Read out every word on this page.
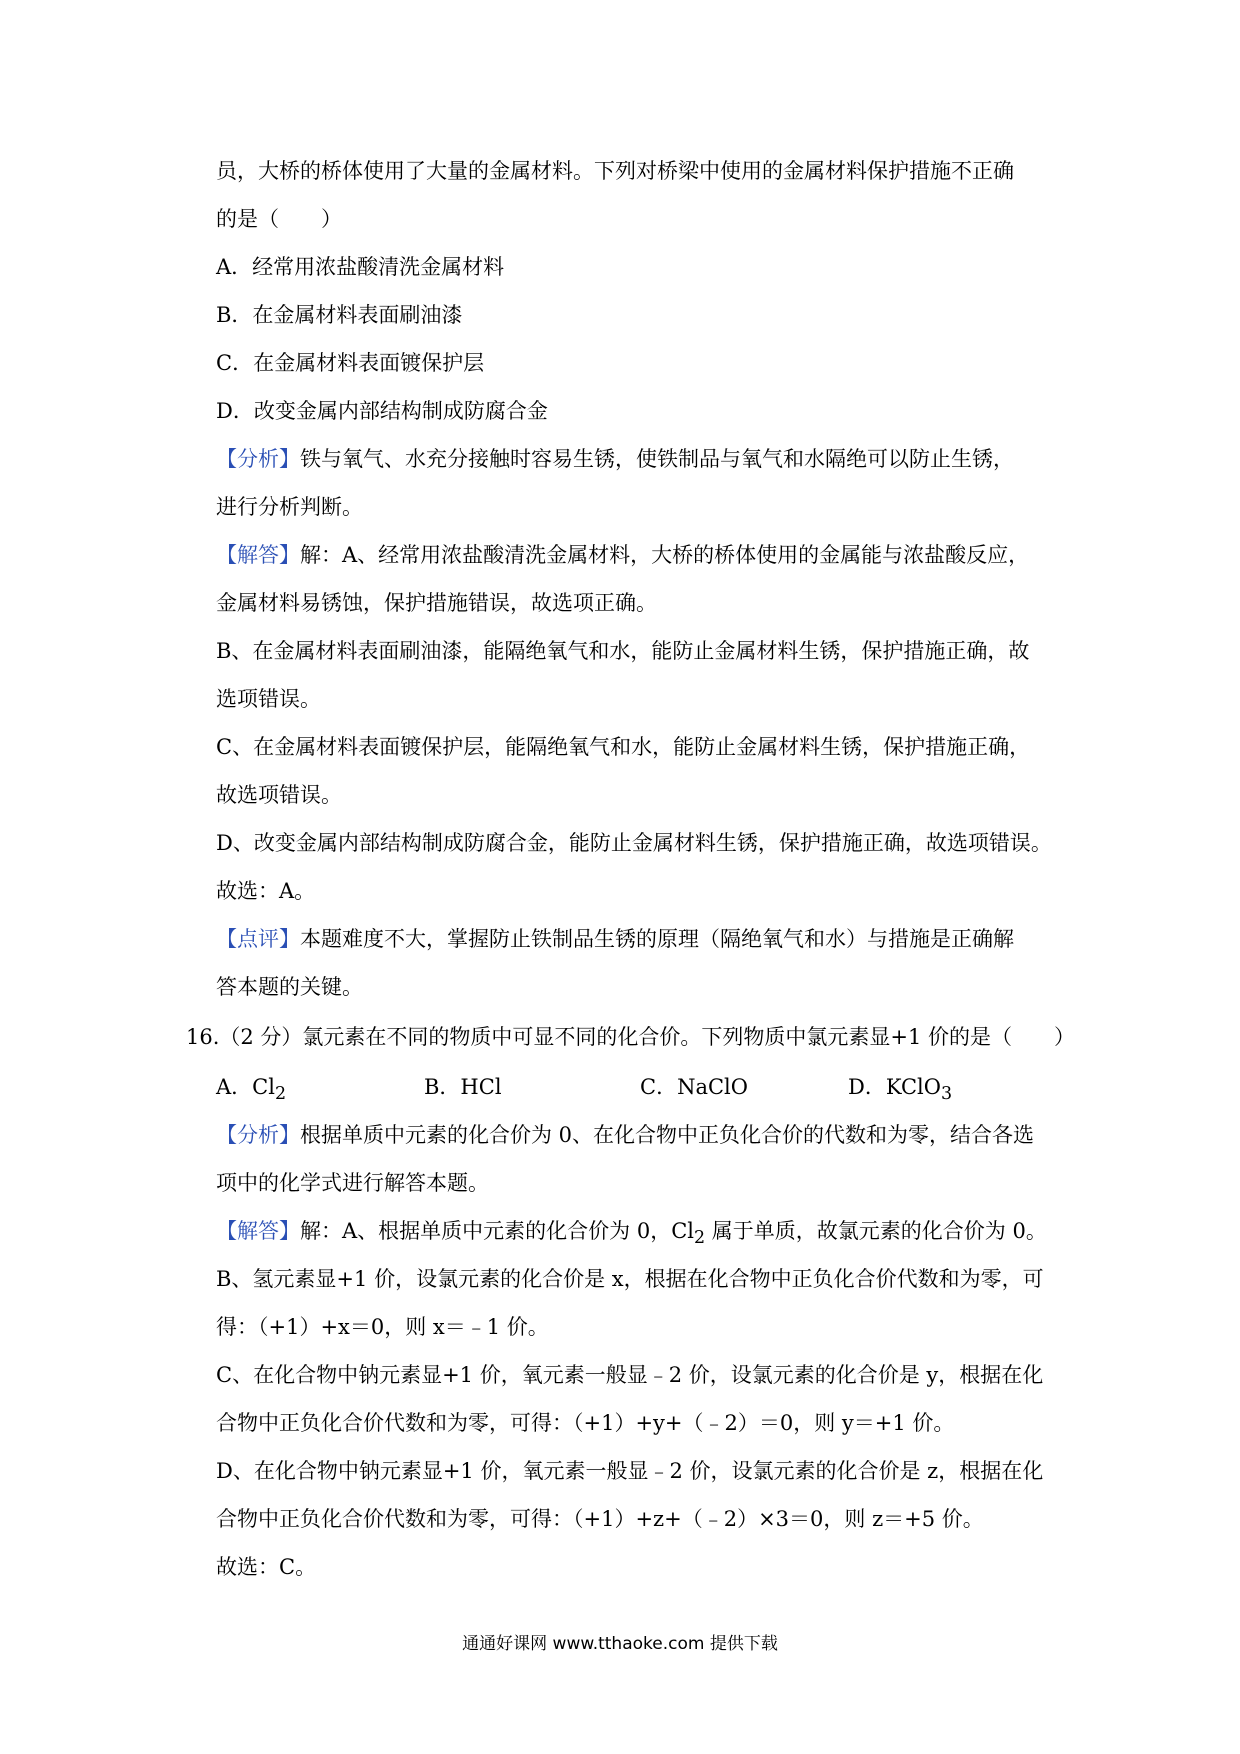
员，大桥的桥体使用了大量的金属材料。下列对桥梁中使用的金属材料保护措施不正确
的是（　　）
A．经常用浓盐酸清洗金属材料
B．在金属材料表面刷油漆
C．在金属材料表面镀保护层
D．改变金属内部结构制成防腐合金
【分析】铁与氧气、水充分接触时容易生锈，使铁制品与氧气和水隔绝可以防止生锈，
进行分析判断。
【解答】解：A、经常用浓盐酸清洗金属材料，大桥的桥体使用的金属能与浓盐酸反应，
金属材料易锈蚀，保护措施错误，故选项正确。
B、在金属材料表面刷油漆，能隔绝氧气和水，能防止金属材料生锈，保护措施正确，故
选项错误。
C、在金属材料表面镀保护层，能隔绝氧气和水，能防止金属材料生锈，保护措施正确，
故选项错误。
D、改变金属内部结构制成防腐合金，能防止金属材料生锈，保护措施正确，故选项错误。
故选：A。
【点评】本题难度不大，掌握防止铁制品生锈的原理（隔绝氧气和水）与措施是正确解
答本题的关键。
16.（2 分）氯元素在不同的物质中可显不同的化合价。下列物质中氯元素显+1 价的是（　　）
A．$Cl_2$	B．HCl	C．NaClO	D．KClO$_3$
【分析】根据单质中元素的化合价为 0、在化合物中正负化合价的代数和为零，结合各选
项中的化学式进行解答本题。
【解答】解：A、根据单质中元素的化合价为 0，$Cl_2$ 属于单质，故氯元素的化合价为 0。
B、氢元素显+1 价，设氯元素的化合价是 x，根据在化合物中正负化合价代数和为零，可
得：（+1）+x＝0，则 x＝﹣1 价。
C、在化合物中钠元素显+1 价，氧元素一般显﹣2 价，设氯元素的化合价是 y，根据在化
合物中正负化合价代数和为零，可得：（+1）+y+（﹣2）＝0，则 y＝+1 价。
D、在化合物中钠元素显+1 价，氧元素一般显﹣2 价，设氯元素的化合价是 z，根据在化
合物中正负化合价代数和为零，可得：（+1）+z+（﹣2）×3＝0，则 z＝+5 价。
故选：C。
通通好课网 www.tthaoke.com 提供下载
